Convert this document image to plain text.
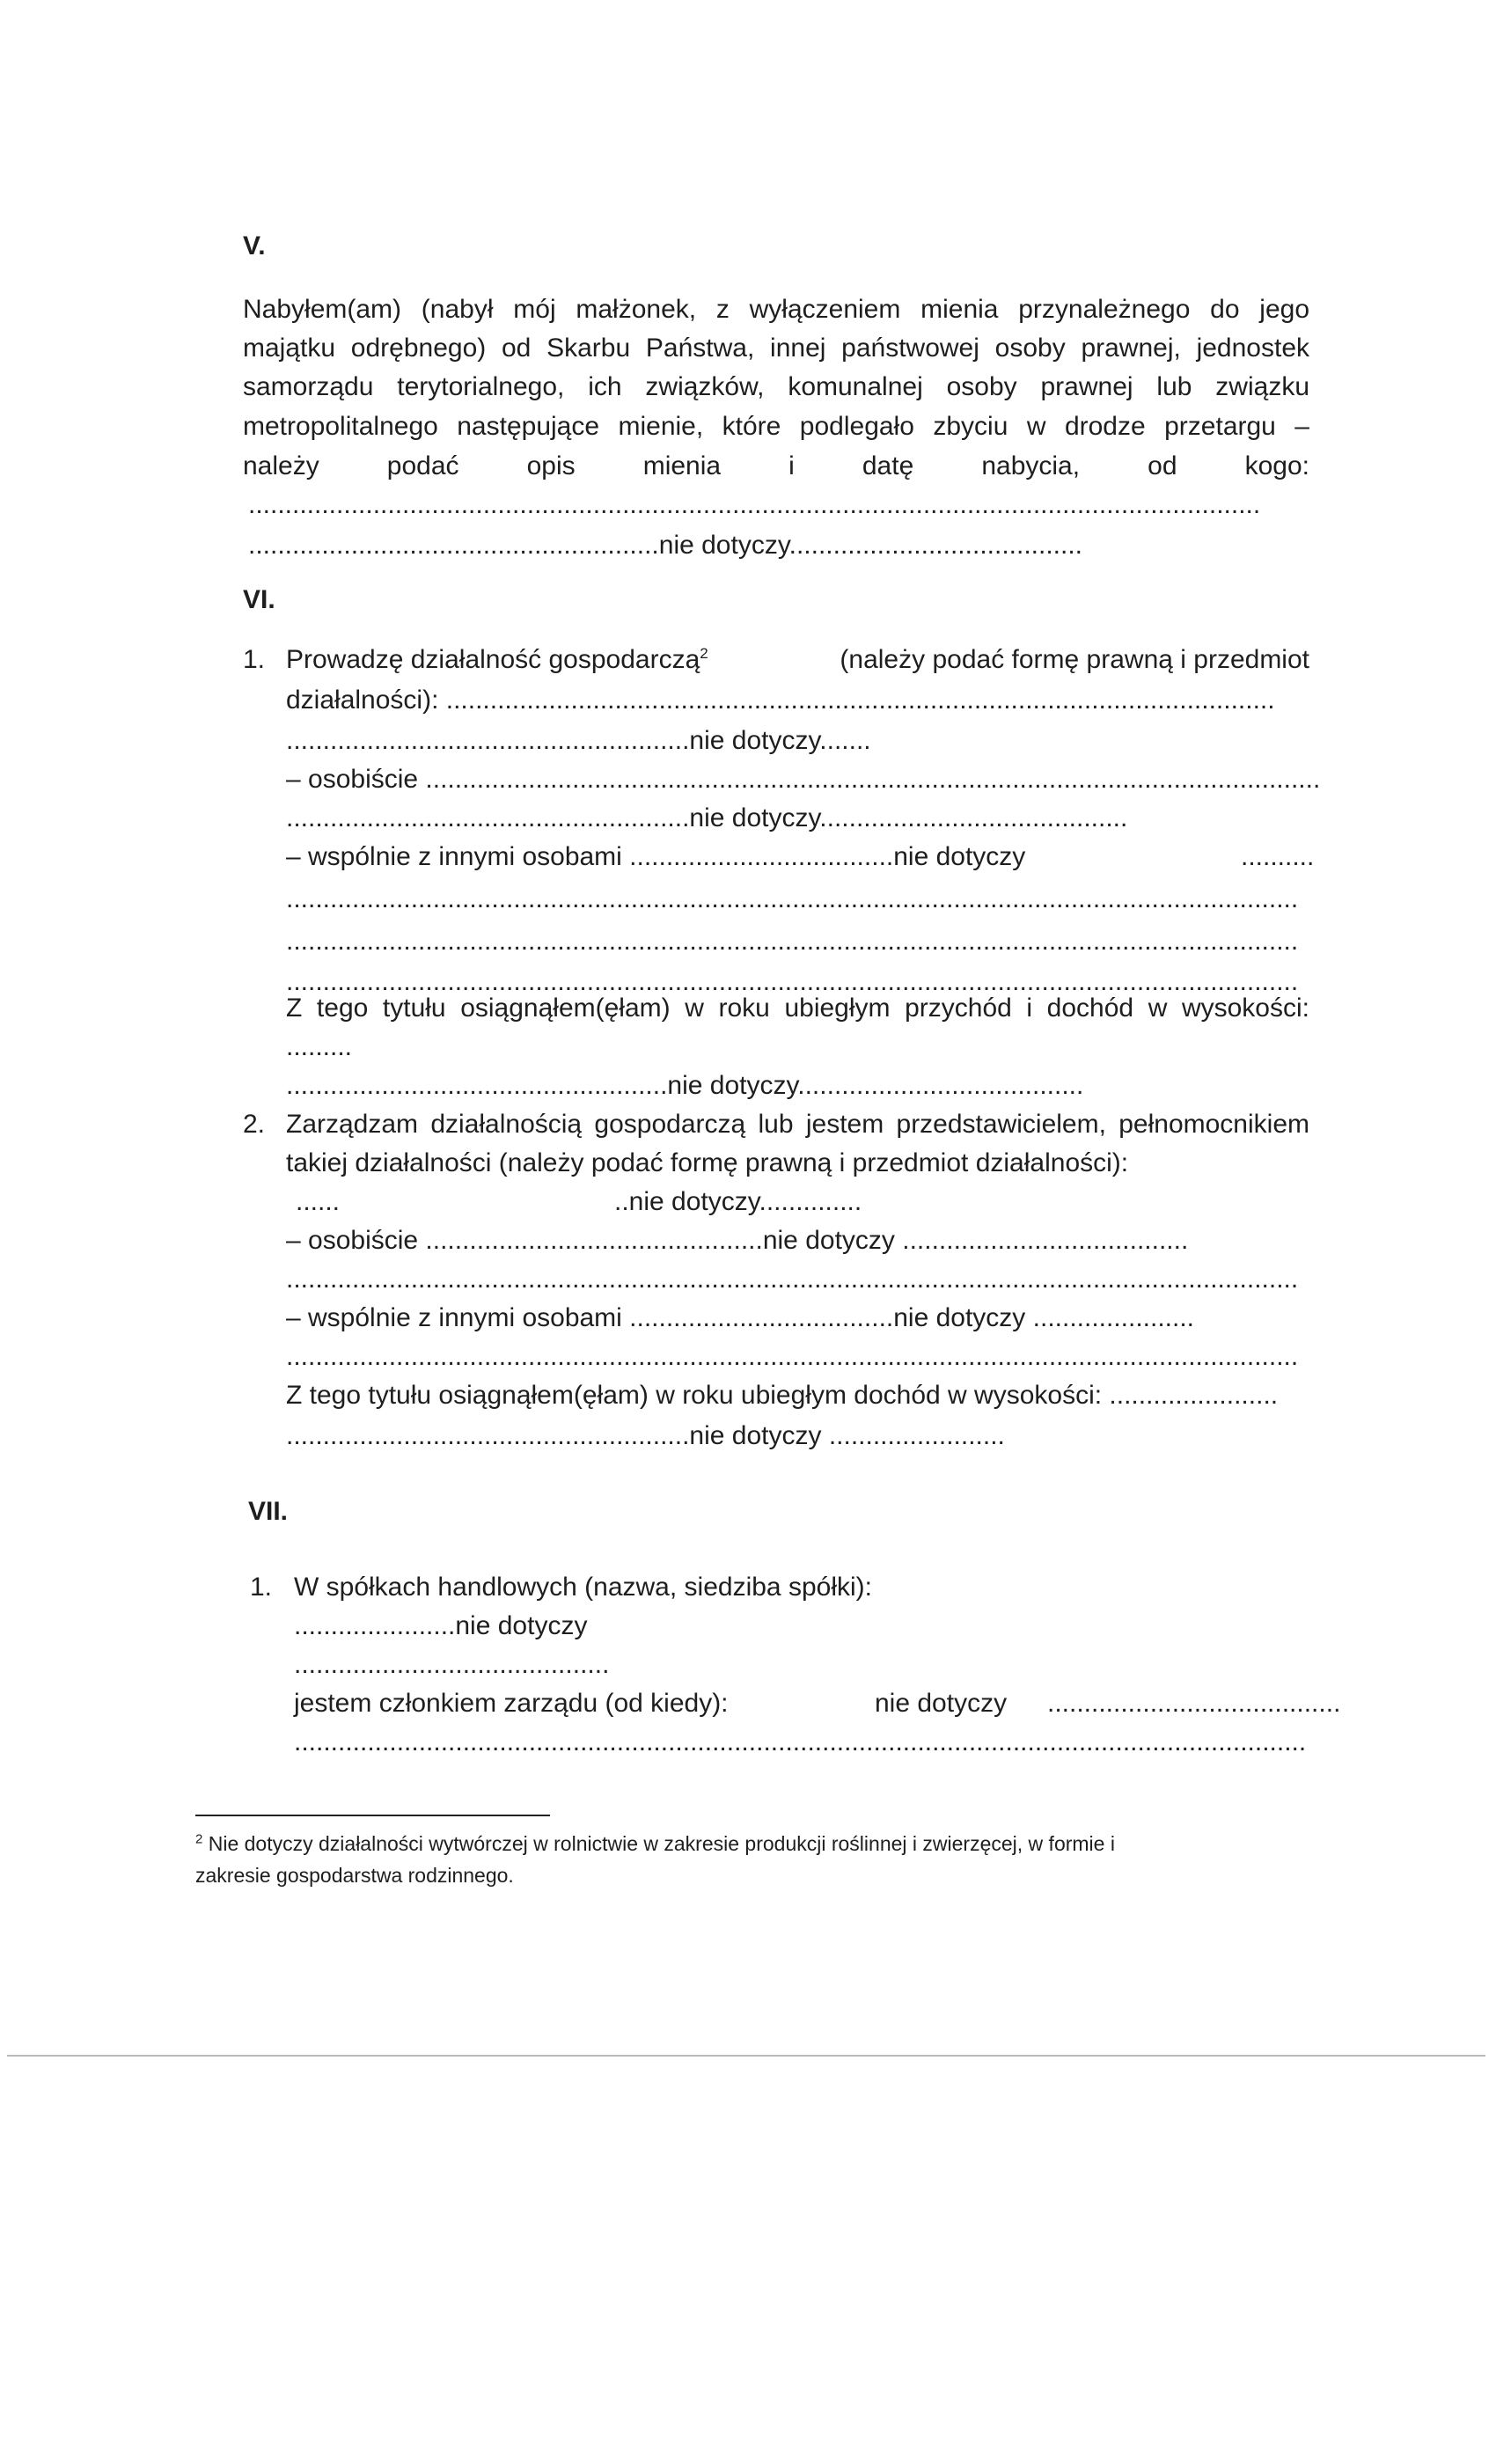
V.
Nabyłem(am) (nabył mój małżonek, z wyłączeniem mienia przynależnego do jego
majątku odrębnego) od Skarbu Państwa, innej państwowej osoby prawnej, jednostek
samorządu terytorialnego, ich związków, komunalnej osoby prawnej lub związku
metropolitalnego następujące mienie, które podlegało zbyciu w drodze przetargu –
należy	podać	opis	mienia	i	datę	nabycia,	od	kogo:
..........................................................................................................................................
........................................................nie dotyczy........................................
VI.
1. Prowadzę działalność gospodarczą$^2$	(należy podać formę prawną i przedmiot
działalności): .................................................................................................................
.......................................................nie dotyczy.......
– osobiście ..........................................................................................................................
.......................................................nie dotyczy..........................................
– wspólnie z innymi osobami ....................................nie dotyczy	..........
..........................................................................................................................................
..........................................................................................................................................
..........................................................................................................................................
Z tego tytułu osiągnąłem(ęłam) w roku ubiegłym przychód i dochód w wysokości:
.........
....................................................nie dotyczy.......................................
2. Zarządzam działalnością gospodarczą lub jestem przedstawicielem, pełnomocnikiem
takiej działalności (należy podać formę prawną i przedmiot działalności):
......	..nie dotyczy..............
– osobiście ..............................................nie dotyczy .......................................
..........................................................................................................................................
– wspólnie z innymi osobami ....................................nie dotyczy ......................
..........................................................................................................................................
Z tego tytułu osiągnąłem(ęłam) w roku ubiegłym dochód w wysokości: .......................
.......................................................nie dotyczy ........................
VII.
1. W spółkach handlowych (nazwa, siedziba spółki):
......................nie dotyczy
...........................................
jestem członkiem zarządu (od kiedy):	nie dotyczy ........................................
..........................................................................................................................................
$^2$ Nie dotyczy działalności wytwórczej w rolnictwie w zakresie produkcji roślinnej i zwierzęcej, w formie i
zakresie gospodarstwa rodzinnego.
